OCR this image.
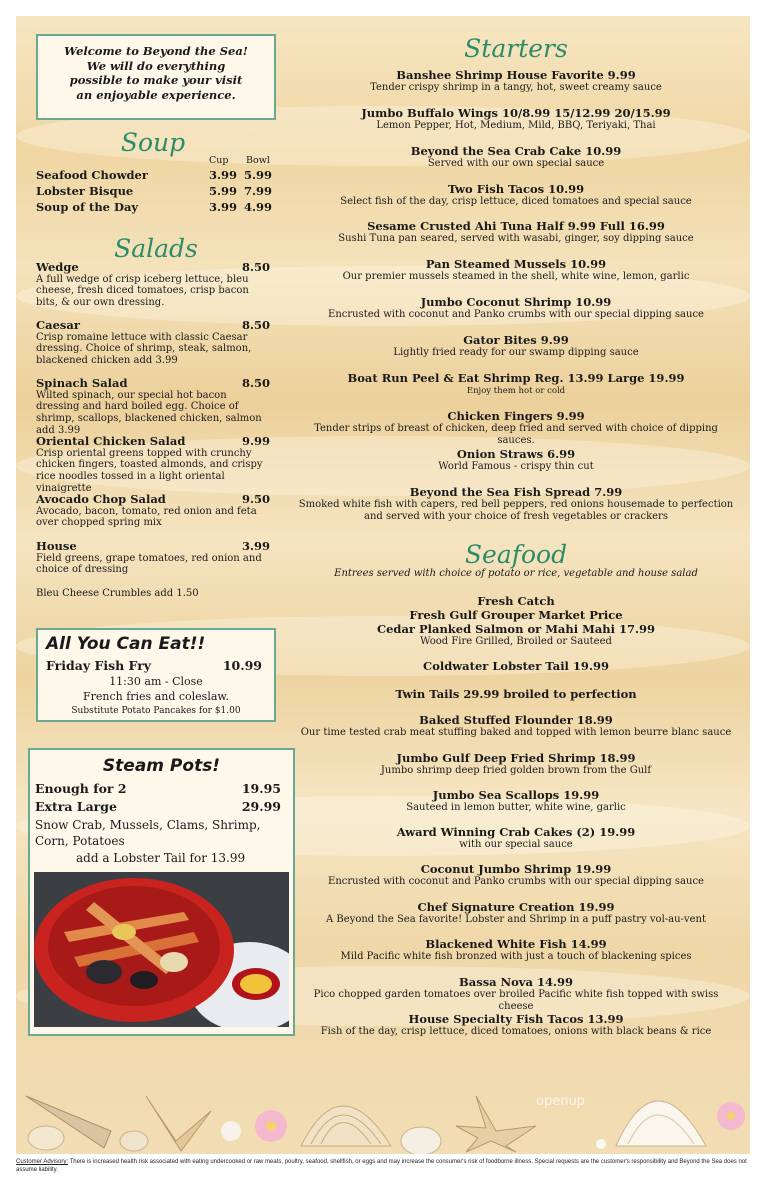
Welcome to Beyond the Sea!
We will do everything
possible to make your visit
an enjoyable experience.
Soup
Cup Bowl
Seafood Chowder	3.99 5.99
Lobster Bisque	5.99 7.99
Soup of the Day	3.99 4.99
Salads
Wedge	8.50
A full wedge of crisp iceberg lettuce, bleu cheese, fresh diced tomatoes, crisp bacon bits, & our own dressing.
Caesar	8.50
Crisp romaine lettuce with classic Caesar dressing. Choice of shrimp, steak, salmon, blackened chicken add 3.99
Spinach Salad	8.50
Wilted spinach, our special hot bacon dressing and hard boiled egg. Choice of shrimp, scallops, blackened chicken, salmon add 3.99
Oriental Chicken Salad	9.99
Crisp oriental greens topped with crunchy chicken fingers, toasted almonds, and crispy rice noodles tossed in a light oriental vinaigrette
Avocado Chop Salad	9.50
Avocado, bacon, tomato, red onion and feta over chopped spring mix
House	3.99
Field greens, grape tomatoes, red onion and choice of dressing
Bleu Cheese Crumbles add 1.50
All You Can Eat!!
Friday Fish Fry	10.99
11:30 am - Close
French fries and coleslaw.
Substitute Potato Pancakes for $1.00
Steam Pots!
Enough for 2	19.95
Extra Large	29.99
Snow Crab, Mussels, Clams, Shrimp,
Corn, Potatoes
add a Lobster Tail for 13.99
Starters
Banshee Shrimp House Favorite 9.99
Tender crispy shrimp in a tangy, hot, sweet creamy sauce
Jumbo Buffalo Wings 10/8.99 15/12.99 20/15.99
Lemon Pepper, Hot, Medium, Mild, BBQ, Teriyaki, Thai
Beyond the Sea Crab Cake 10.99
Served with our own special sauce
Two Fish Tacos 10.99
Select fish of the day, crisp lettuce, diced tomatoes and special sauce
Sesame Crusted Ahi Tuna Half 9.99 Full 16.99
Sushi Tuna pan seared, served with wasabi, ginger, soy dipping sauce
Pan Steamed Mussels 10.99
Our premier mussels steamed in the shell, white wine, lemon, garlic
Jumbo Coconut Shrimp 10.99
Encrusted with coconut and Panko crumbs with our special dipping sauce
Gator Bites 9.99
Lightly fried ready for our swamp dipping sauce
Boat Run Peel & Eat Shrimp Reg. 13.99 Large 19.99
Enjoy them hot or cold
Chicken Fingers 9.99
Tender strips of breast of chicken, deep fried and served with choice of dipping sauces.
Onion Straws 6.99
World Famous - crispy thin cut
Beyond the Sea Fish Spread 7.99
Smoked white fish with capers, red bell peppers, red onions housemade to perfection
and served with your choice of fresh vegetables or crackers
Seafood
Entrees served with choice of potato or rice, vegetable and house salad
Fresh Catch
Fresh Gulf Grouper Market Price
Cedar Planked Salmon or Mahi Mahi 17.99
Wood Fire Grilled, Broiled or Sauteed
Coldwater Lobster Tail 19.99
Twin Tails 29.99 broiled to perfection
Baked Stuffed Flounder 18.99
Our time tested crab meat stuffing baked and topped with lemon beurre blanc sauce
Jumbo Gulf Deep Fried Shrimp 18.99
Jumbo shrimp deep fried golden brown from the Gulf
Jumbo Sea Scallops 19.99
Sauteed in lemon butter, white wine, garlic
Award Winning Crab Cakes (2) 19.99
with our special sauce
Coconut Jumbo Shrimp 19.99
Encrusted with coconut and Panko crumbs with our special dipping sauce
Chef Signature Creation 19.99
A Beyond the Sea favorite! Lobster and Shrimp in a puff pastry vol-au-vent
Blackened White Fish 14.99
Mild Pacific white fish bronzed with just a touch of blackening spices
Bassa Nova 14.99
Pico chopped garden tomatoes over broiled Pacific white fish topped with swiss cheese
House Specialty Fish Tacos 13.99
Fish of the day, crisp lettuce, diced tomatoes, onions with black beans & rice
openup
Customer Advisory: There is increased health risk associated with eating undercooked or raw meats, poultry, seafood, shellfish, or eggs and may increase the consumer's risk of foodborne illness. Special requests are the customer's responsibility and Beyond the Sea does not assume liability.
